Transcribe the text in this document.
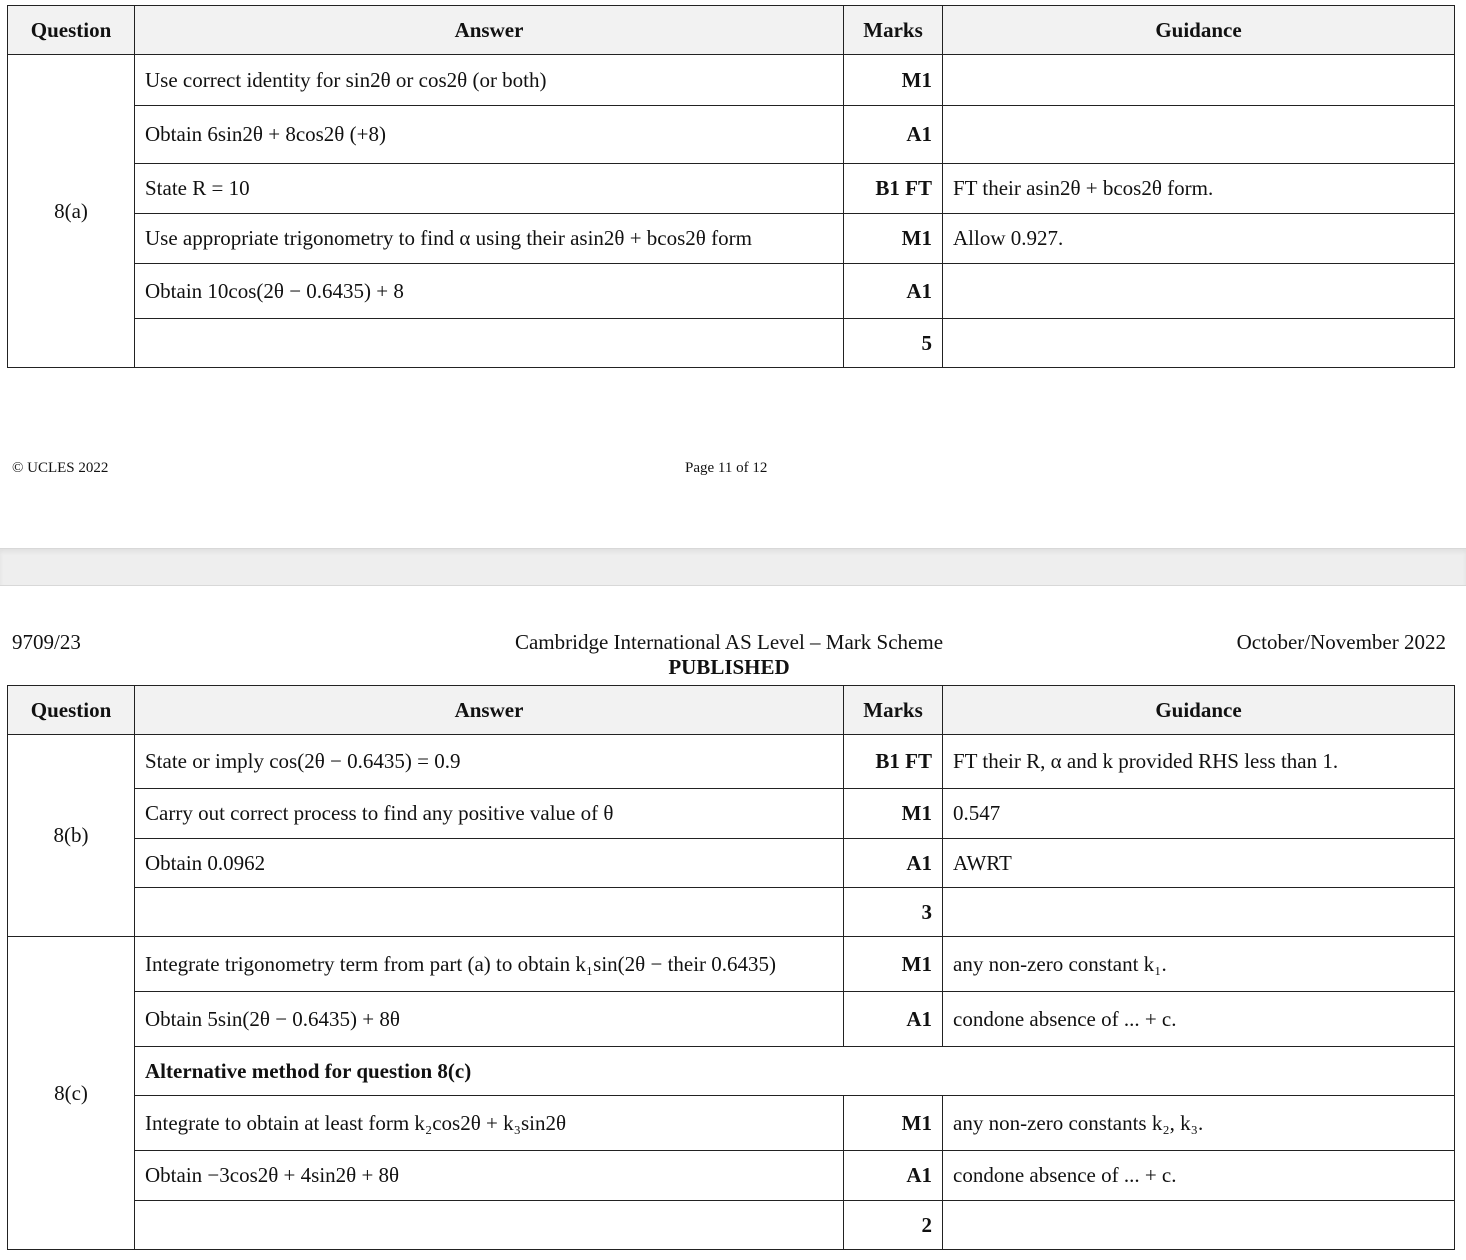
Question	Answer	Marks	Guidance
8(a)	Use correct identity for sin2θ or cos2θ (or both)	M1	
	Obtain 6sin2θ + 8cos2θ (+8)	A1	
	State R = 10	B1 FT	FT their asin2θ + bcos2θ form.
	Use appropriate trigonometry to find α using their asin2θ + bcos2θ form	M1	Allow 0.927.
	Obtain 10cos(2θ − 0.6435) + 8	A1	
		5	
© UCLES 2022	Page 11 of 12
9709/23	Cambridge International AS Level – Mark Scheme
PUBLISHED
October/November 2022
Question	Answer	Marks	Guidance
8(b)	State or imply cos(2θ − 0.6435) = 0.9	B1 FT	FT their R, α and k provided RHS less than 1.
	Carry out correct process to find any positive value of θ	M1	0.547
	Obtain 0.0962	A1	AWRT
		3	
8(c)	Integrate trigonometry term from part (a) to obtain k₁sin(2θ − their 0.6435)	M1	any non-zero constant k₁.
	Obtain 5sin(2θ − 0.6435) + 8θ	A1	condone absence of ... + c.
	Alternative method for question 8(c)		
	Integrate to obtain at least form k₂cos2θ + k₃sin2θ	M1	any non-zero constants k₂, k₃.
	Obtain −3cos2θ + 4sin2θ + 8θ	A1	condone absence of ... + c.
		2	
